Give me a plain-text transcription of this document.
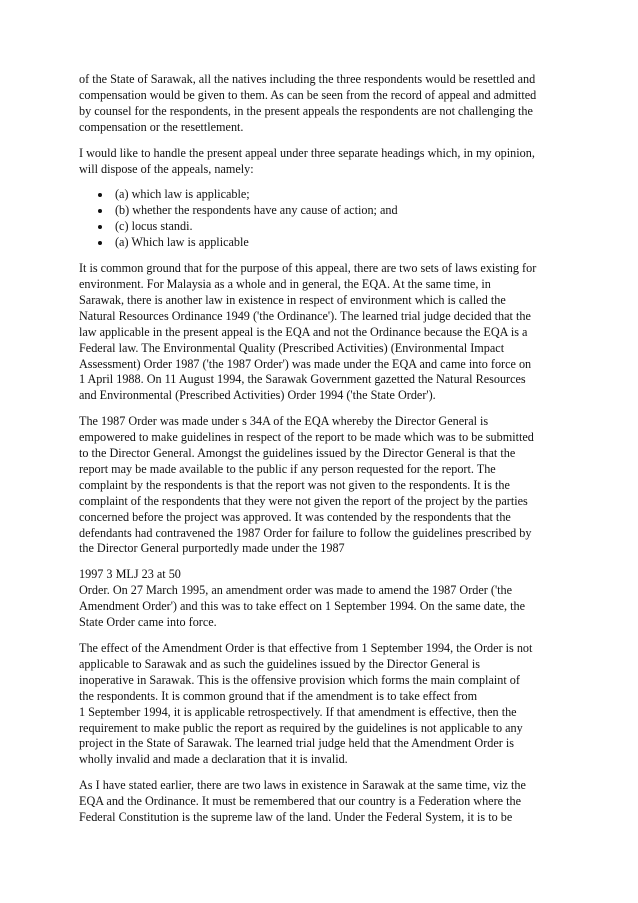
of the State of Sarawak, all the natives including the three respondents would be resettled and
compensation would be given to them. As can be seen from the record of appeal and admitted
by counsel for the respondents, in the present appeals the respondents are not challenging the
compensation or the resettlement.
I would like to handle the present appeal under three separate headings which, in my opinion,
will dispose of the appeals, namely:
(a) which law is applicable;
(b) whether the respondents have any cause of action; and
(c) locus standi.
(a) Which law is applicable
It is common ground that for the purpose of this appeal, there are two sets of laws existing for
environment. For Malaysia as a whole and in general, the EQA. At the same time, in
Sarawak, there is another law in existence in respect of environment which is called the
Natural Resources Ordinance 1949 ('the Ordinance'). The learned trial judge decided that the
law applicable in the present appeal is the EQA and not the Ordinance because the EQA is a
Federal law. The Environmental Quality (Prescribed Activities) (Environmental Impact
Assessment) Order 1987 ('the 1987 Order') was made under the EQA and came into force on
1 April 1988. On 11 August 1994, the Sarawak Government gazetted the Natural Resources
and Environmental (Prescribed Activities) Order 1994 ('the State Order').
The 1987 Order was made under s 34A of the EQA whereby the Director General is
empowered to make guidelines in respect of the report to be made which was to be submitted
to the Director General. Amongst the guidelines issued by the Director General is that the
report may be made available to the public if any person requested for the report. The
complaint by the respondents is that the report was not given to the respondents. It is the
complaint of the respondents that they were not given the report of the project by the parties
concerned before the project was approved. It was contended by the respondents that the
defendants had contravened the 1987 Order for failure to follow the guidelines prescribed by
the Director General purportedly made under the 1987
1997 3 MLJ 23 at 50
Order. On 27 March 1995, an amendment order was made to amend the 1987 Order ('the
Amendment Order') and this was to take effect on 1 September 1994. On the same date, the
State Order came into force.
The effect of the Amendment Order is that effective from 1 September 1994, the Order is not
applicable to Sarawak and as such the guidelines issued by the Director General is
inoperative in Sarawak. This is the offensive provision which forms the main complaint of
the respondents. It is common ground that if the amendment is to take effect from
1 September 1994, it is applicable retrospectively. If that amendment is effective, then the
requirement to make public the report as required by the guidelines is not applicable to any
project in the State of Sarawak. The learned trial judge held that the Amendment Order is
wholly invalid and made a declaration that it is invalid.
As I have stated earlier, there are two laws in existence in Sarawak at the same time, viz the
EQA and the Ordinance. It must be remembered that our country is a Federation where the
Federal Constitution is the supreme law of the land. Under the Federal System, it is to be
